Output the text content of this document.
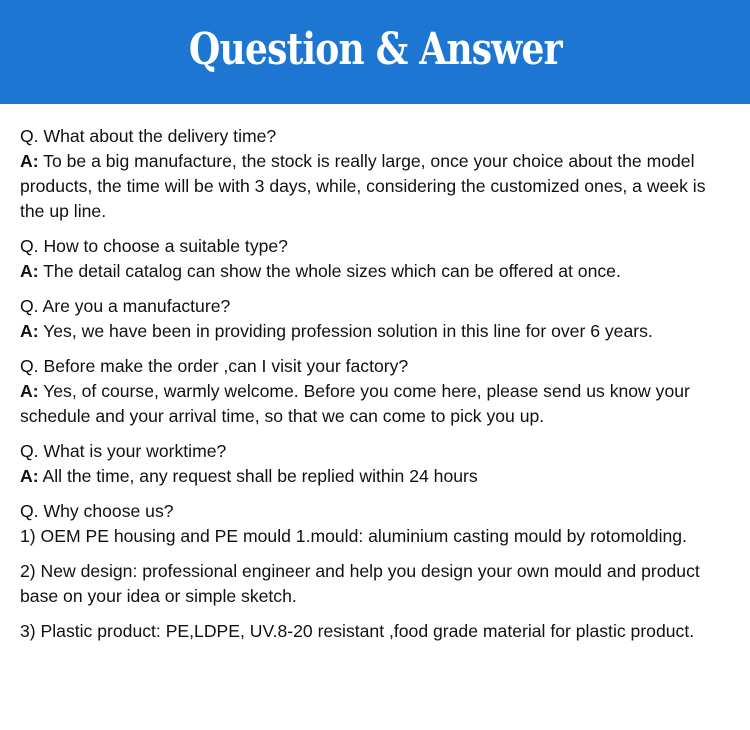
Question & Answer
Q. What about the delivery time?
A: To be a big manufacture, the stock is really large, once your choice about the model products, the time will be with 3 days, while, considering the customized ones, a week is the up line.
Q. How to choose a suitable type?
A: The detail catalog can show the whole sizes which can be offered at once.
Q. Are you a manufacture?
A: Yes, we have been in providing profession solution in this line for over 6 years.
Q. Before make the order ,can I visit your factory?
A: Yes, of course, warmly welcome. Before you come here, please send us know your schedule and your arrival time, so that we can come to pick you up.
Q. What is your worktime?
A: All the time, any request shall be replied within 24 hours
Q. Why choose us?
1) OEM PE housing and PE mould 1.mould: aluminium casting mould by rotomolding.
2) New design: professional engineer and help you design your own mould and product base on your idea or simple sketch.
3) Plastic product: PE,LDPE, UV.8-20 resistant ,food grade material for plastic product.
